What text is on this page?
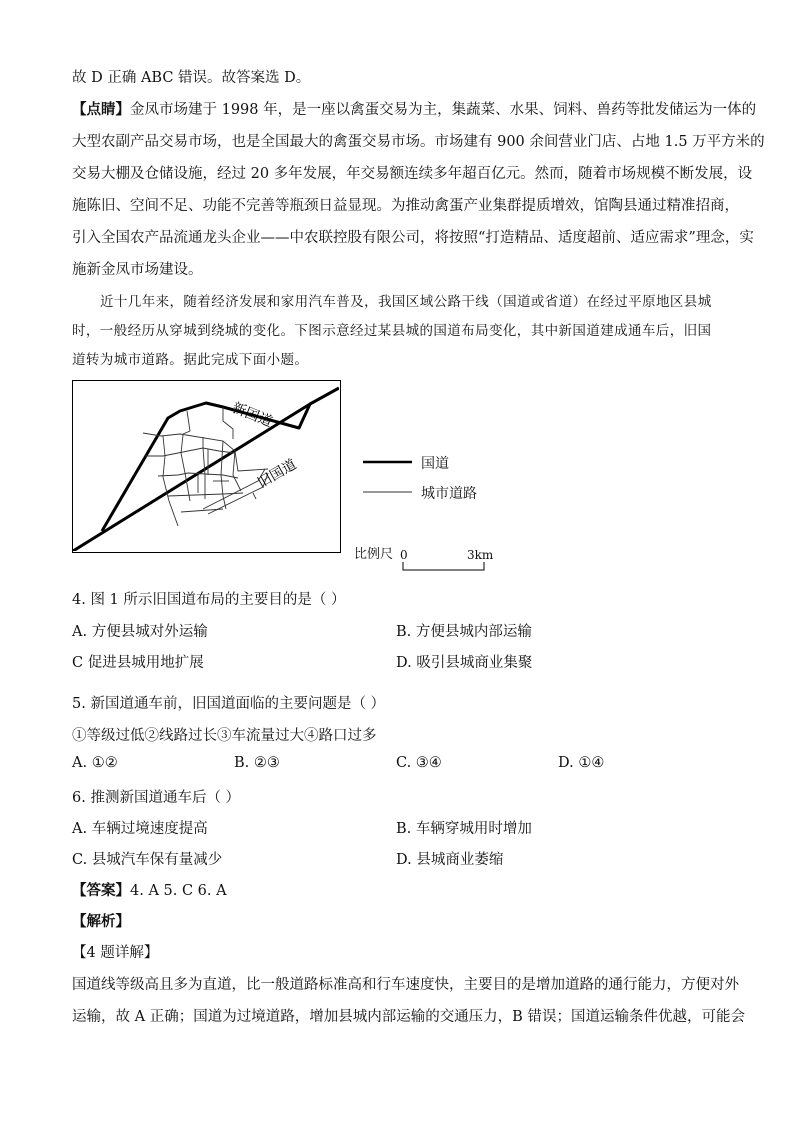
故 D 正确 ABC 错误。故答案选 D。
【点睛】金凤市场建于 1998 年，是一座以禽蛋交易为主，集蔬菜、水果、饲料、兽药等批发储运为一体的
大型农副产品交易市场，也是全国最大的禽蛋交易市场。市场建有 900 余间营业门店、占地 1.5 万平方米的
交易大棚及仓储设施，经过 20 多年发展，年交易额连续多年超百亿元。然而，随着市场规模不断发展，设
施陈旧、空间不足、功能不完善等瓶颈日益显现。为推动禽蛋产业集群提质增效，馆陶县通过精准招商，
引入全国农产品流通龙头企业——中农联控股有限公司，将按照“打造精品、适度超前、适应需求”理念，实
施新金凤市场建设。
近十几年来，随着经济发展和家用汽车普及，我国区域公路干线（国道或省道）在经过平原地区县城
时，一般经历从穿城到绕城的变化。下图示意经过某县城的国道布局变化，其中新国道建成通车后，旧国
道转为城市道路。据此完成下面小题。
新国道
旧国道	国道
城市道路
比例尺 0	3km
4. 图 1 所示旧国道布局的主要目的是（ ）
A. 方便县城对外运输	B. 方便县城内部运输
C 促进县城用地扩展	D. 吸引县城商业集聚
5. 新国道通车前，旧国道面临的主要问题是（ ）
①等级过低②线路过长③车流量过大④路口过多
A. ①②	B. ②③	C. ③④	D. ①④
6. 推测新国道通车后（ ）
A. 车辆过境速度提高	B. 车辆穿城用时增加
C. 县城汽车保有量减少	D. 县城商业萎缩
【答案】4. A 5. C 6. A
【解析】
【4 题详解】
国道线等级高且多为直道，比一般道路标准高和行车速度快，主要目的是增加道路的通行能力，方便对外
运输，故 A 正确；国道为过境道路，增加县城内部运输的交通压力，B 错误；国道运输条件优越，可能会
